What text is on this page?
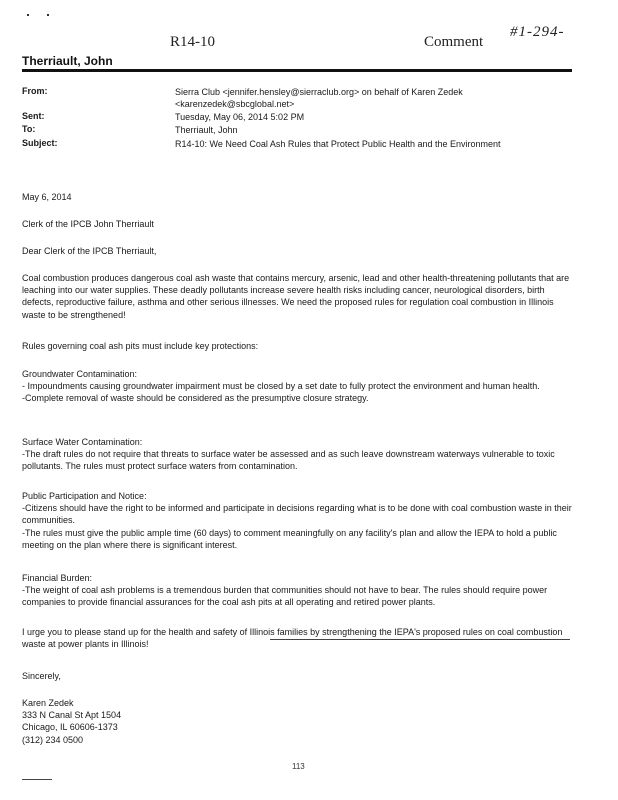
R14-10	Comment
#1-294-
Therriault, John
From:	Sierra Club <jennifer.hensley@sierraclub.org> on behalf of Karen Zedek <karenzedek@sbcglobal.net>
Sent:	Tuesday, May 06, 2014 5:02 PM
To:	Therriault, John
Subject:	R14-10: We Need Coal Ash Rules that Protect Public Health and the Environment
May 6, 2014
Clerk of the IPCB John Therriault
Dear Clerk of the IPCB Therriault,
Coal combustion produces dangerous coal ash waste that contains mercury, arsenic, lead and other health-threatening pollutants that are leaching into our water supplies. These deadly pollutants increase severe health risks including cancer, neurological disorders, birth defects, reproductive failure, asthma and other serious illnesses. We need the proposed rules for regulation coal combustion in Illinois waste to be strengthened!
Rules governing coal ash pits must include key protections:

Groundwater Contamination:

- Impoundments causing groundwater impairment must be closed by a set date to fully protect the environment and human health.

-Complete removal of waste should be considered as the presumptive closure strategy.

Surface Water Contamination:

-The draft rules do not require that threats to surface water be assessed and as such leave downstream waterways vulnerable to toxic pollutants. The rules must protect surface waters from contamination.

Public Participation and Notice:

-Citizens should have the right to be informed and participate in decisions regarding what is to be done with coal combustion waste in their communities.

-The rules must give the public ample time (60 days) to comment meaningfully on any facility's plan and allow the IEPA to hold a public meeting on the plan where there is significant interest.

Financial Burden:

-The weight of coal ash problems is a tremendous burden that communities should not have to bear. The rules should require power companies to provide financial assurances for the coal ash pits at all operating and retired power plants.

I urge you to please stand up for the health and safety of Illinois families by strengthening the IEPA's proposed rules on coal combustion waste at power plants in Illinois!
Sincerely,

Karen Zedek

333 N Canal St Apt 1504

Chicago, IL 60606-1373

(312) 234 0500

113
